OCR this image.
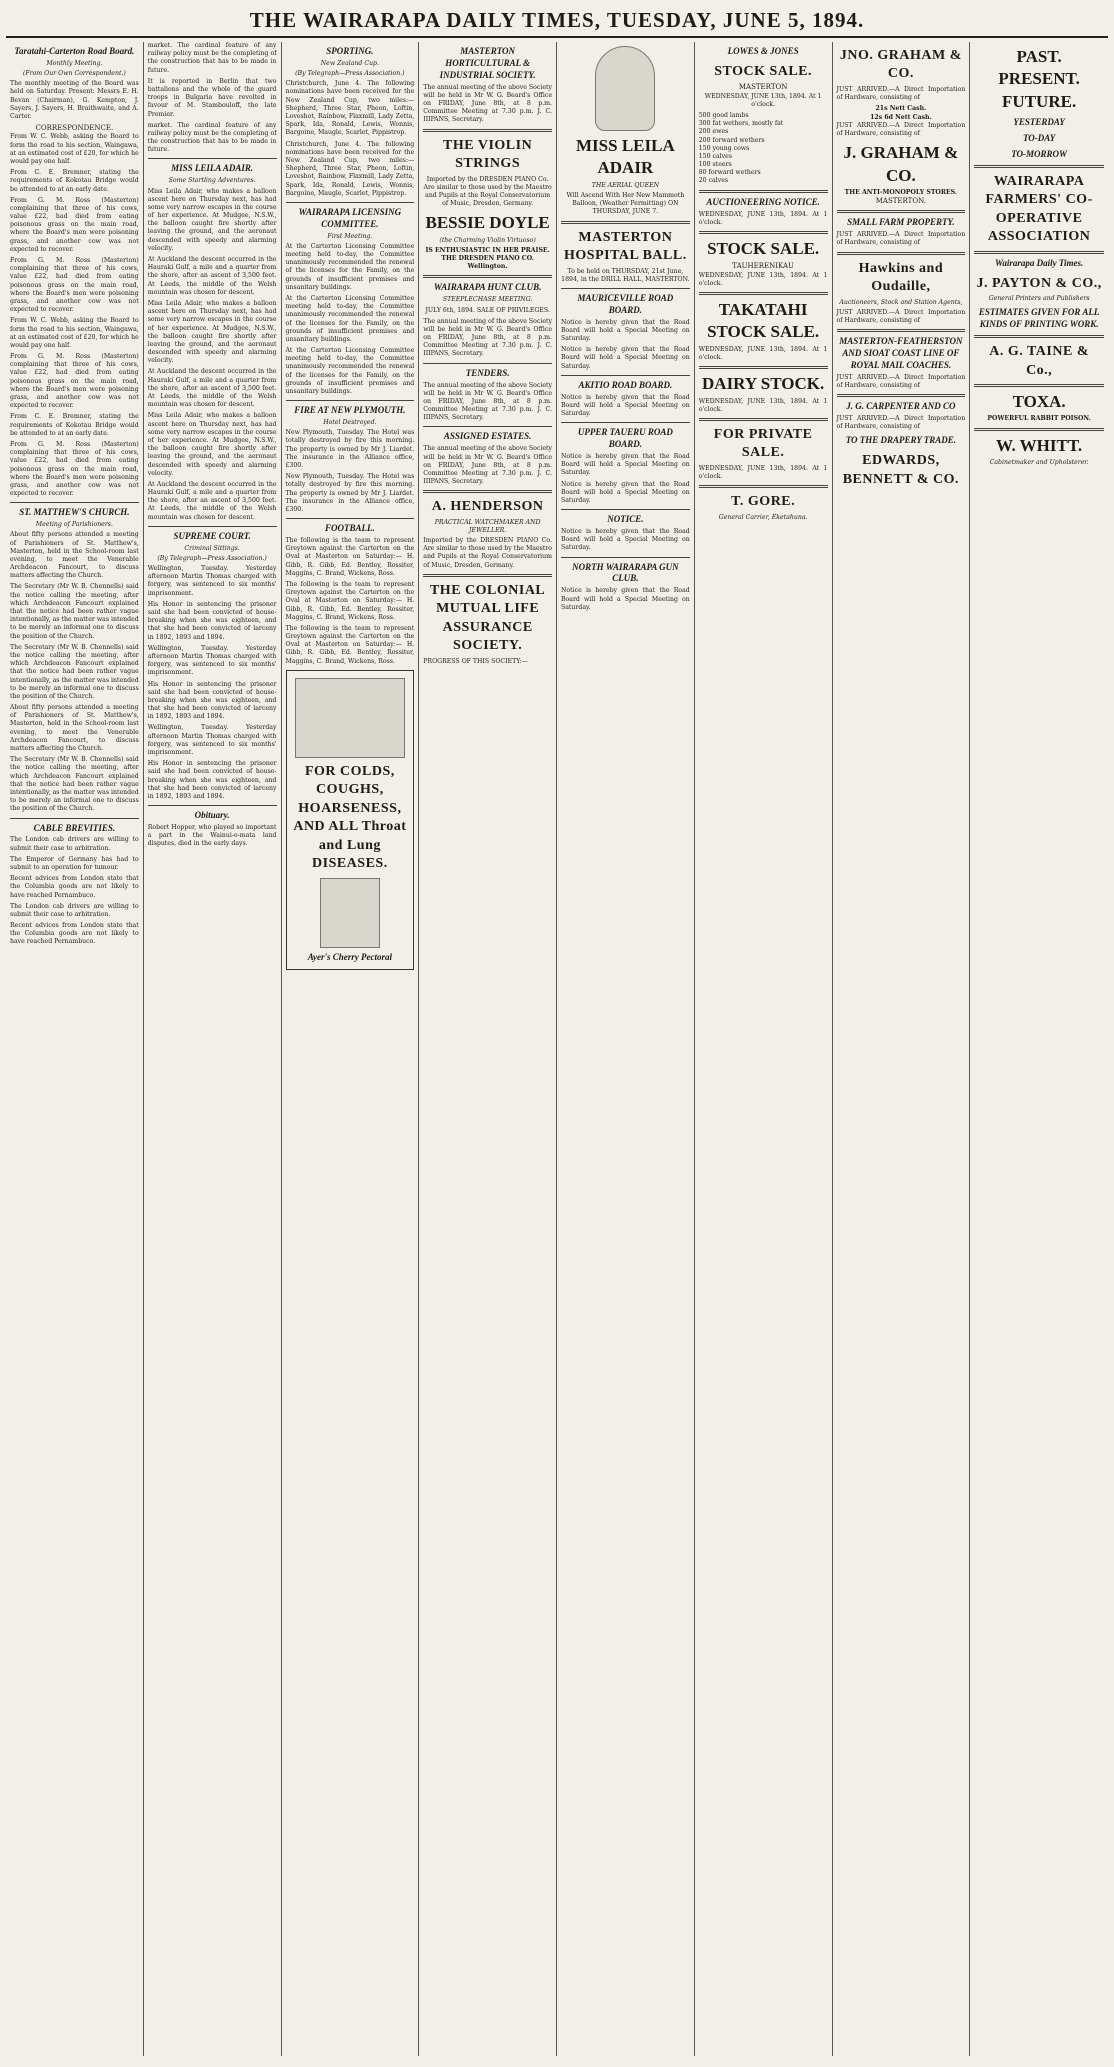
THE WAIRARAPA DAILY TIMES, TUESDAY, JUNE 5, 1894.
Taratahi-Carterton Road Board.
Monthly Meeting.
(From Our Own Correspondent.)
The monthly meeting of the Board was held on Saturday. Present: Messrs E. H. Bevan (Chairman), G. Kempton, J. Sayers, J. Sayers, H. Braithwaite, and A. Carter.
CORRESPONDENCE.
From W. C. Webb, asking the Board to form the road to his section, Waingawa, at an estimated cost of £20, for which he would pay one half.
From C. E. Bremner, stating the requirements of Kokotau Bridge would be attended to at an early date.
From G. M. Ross (Masterton) complaining that three of his cows, value £22, had died from eating poisonous grass on the main road, where the Board's men were poisoning grass, and another cow was not expected to recover.
From G. M. Ross (Masterton) complaining that three of his cows, value £22, had died from eating poisonous grass on the main road, where the Board's men were poisoning grass, and another cow was not expected to recover.
From W. C. Webb, asking the Board to form the road to his section, Waingawa, at an estimated cost of £20, for which he would pay one half.
From G. M. Ross (Masterton) complaining that three of his cows, value £22, had died from eating poisonous grass on the main road, where the Board's men were poisoning grass, and another cow was not expected to recover.
From C. E. Bremner, stating the requirements of Kokotau Bridge would be attended to at an early date.
From G. M. Ross (Masterton) complaining that three of his cows, value £22, had died from eating poisonous grass on the main road, where the Board's men were poisoning grass, and another cow was not expected to recover.
ST. MATTHEW'S CHURCH.
Meeting of Parishioners.
About fifty persons attended a meeting of Parishioners of St. Matthew's, Masterton, held in the School-room last evening, to meet the Venerable Archdeacon Fancourt, to discuss matters affecting the Church.
The Secretary (Mr W. B. Chennells) said the notice calling the meeting, after which Archdeacon Fancourt explained that the notice had been rather vague intentionally, as the matter was intended to be merely an informal one to discuss the position of the Church.
The Secretary (Mr W. B. Chennells) said the notice calling the meeting, after which Archdeacon Fancourt explained that the notice had been rather vague intentionally, as the matter was intended to be merely an informal one to discuss the position of the Church.
About fifty persons attended a meeting of Parishioners of St. Matthew's, Masterton, held in the School-room last evening, to meet the Venerable Archdeacon Fancourt, to discuss matters affecting the Church.
The Secretary (Mr W. B. Chennells) said the notice calling the meeting, after which Archdeacon Fancourt explained that the notice had been rather vague intentionally, as the matter was intended to be merely an informal one to discuss the position of the Church.
CABLE BREVITIES.
The London cab drivers are willing to submit their case to arbitration.
The Emperor of Germany has had to submit to an operation for tumour.
Recent advices from London state that the Columbia goods are not likely to have reached Pernambuco.
The London cab drivers are willing to submit their case to arbitration.
Recent advices from London state that the Columbia goods are not likely to have reached Pernambuco.
market. The cardinal feature of any railway policy must be the completing of the construction that has to be made in future.
It is reported in Berlin that two battalions and the whole of the guard troops in Bulgaria have revolted in favour of M. Stambouloff, the late Premier.
market. The cardinal feature of any railway policy must be the completing of the construction that has to be made in future.
MISS LEILA ADAIR.
Some Startling Adventures.
Miss Leila Adair, who makes a balloon ascent here on Thursday next, has had some very narrow escapes in the course of her experience. At Mudgee, N.S.W., the balloon caught fire shortly after leaving the ground, and the aeronaut descended with speedy and alarming velocity.
At Auckland the descent occurred in the Hauraki Gulf, a mile and a quarter from the shore, after an ascent of 3,500 feet. At Leeds, the middle of the Welsh mountain was chosen for descent.
Miss Leila Adair, who makes a balloon ascent here on Thursday next, has had some very narrow escapes in the course of her experience. At Mudgee, N.S.W., the balloon caught fire shortly after leaving the ground, and the aeronaut descended with speedy and alarming velocity.
At Auckland the descent occurred in the Hauraki Gulf, a mile and a quarter from the shore, after an ascent of 3,500 feet. At Leeds, the middle of the Welsh mountain was chosen for descent.
Miss Leila Adair, who makes a balloon ascent here on Thursday next, has had some very narrow escapes in the course of her experience. At Mudgee, N.S.W., the balloon caught fire shortly after leaving the ground, and the aeronaut descended with speedy and alarming velocity.
At Auckland the descent occurred in the Hauraki Gulf, a mile and a quarter from the shore, after an ascent of 3,500 feet. At Leeds, the middle of the Welsh mountain was chosen for descent.
SUPREME COURT.
Criminal Sittings.
(By Telegraph—Press Association.)
Wellington, Tuesday. Yesterday afternoon Martin Thomas charged with forgery, was sentenced to six months' imprisonment.
His Honor in sentencing the prisoner said she had been convicted of house-breaking when she was eighteen, and that she had been convicted of larceny in 1892, 1893 and 1894.
Wellington, Tuesday. Yesterday afternoon Martin Thomas charged with forgery, was sentenced to six months' imprisonment.
His Honor in sentencing the prisoner said she had been convicted of house-breaking when she was eighteen, and that she had been convicted of larceny in 1892, 1893 and 1894.
Wellington, Tuesday. Yesterday afternoon Martin Thomas charged with forgery, was sentenced to six months' imprisonment.
His Honor in sentencing the prisoner said she had been convicted of house-breaking when she was eighteen, and that she had been convicted of larceny in 1892, 1893 and 1894.
Obituary.
Robert Hopper, who played so important a part in the Wainui-o-mata land disputes, died in the early days.
SPORTING.
New Zealand Cup.
(By Telegraph—Press Association.)
Christchurch, June 4. The following nominations have been received for the New Zealand Cup, two miles:—Shepherd, Three Star, Pheon, Loftin, Loveshot, Rainbow, Flaxmill, Lady Zetta, Spark, Ida, Ronald, Lewis, Wonnis, Bargoine, Maugle, Scarlet, Pippistrop.
Christchurch, June 4. The following nominations have been received for the New Zealand Cup, two miles:—Shepherd, Three Star, Pheon, Loftin, Loveshot, Rainbow, Flaxmill, Lady Zetta, Spark, Ida, Ronald, Lewis, Wonnis, Bargoine, Maugle, Scarlet, Pippistrop.
WAIRARAPA LICENSING COMMITTEE.
First Meeting.
At the Carterton Licensing Committee meeting held to-day, the Committee unanimously recommended the renewal of the licenses for the Family, on the grounds of insufficient premises and unsanitary buildings.
At the Carterton Licensing Committee meeting held to-day, the Committee unanimously recommended the renewal of the licenses for the Family, on the grounds of insufficient premises and unsanitary buildings.
At the Carterton Licensing Committee meeting held to-day, the Committee unanimously recommended the renewal of the licenses for the Family, on the grounds of insufficient premises and unsanitary buildings.
FIRE AT NEW PLYMOUTH.
Hotel Destroyed.
New Plymouth, Tuesday. The Hotel was totally destroyed by fire this morning. The property is owned by Mr J. Liardet. The insurance in the Alliance office, £300.
New Plymouth, Tuesday. The Hotel was totally destroyed by fire this morning. The property is owned by Mr J. Liardet. The insurance in the Alliance office, £300.
FOOTBALL.
The following is the team to represent Greytown against the Carterton on the Oval at Masterton on Saturday:— H. Gibb, R. Gibb, Ed. Bentley, Rossiter, Maggins, C. Brand, Wickens, Ross.
The following is the team to represent Greytown against the Carterton on the Oval at Masterton on Saturday:— H. Gibb, R. Gibb, Ed. Bentley, Rossiter, Maggins, C. Brand, Wickens, Ross.
The following is the team to represent Greytown against the Carterton on the Oval at Masterton on Saturday:— H. Gibb, R. Gibb, Ed. Bentley, Rossiter, Maggins, C. Brand, Wickens, Ross.
FOR COLDS, COUGHS, HOARSENESS, AND ALL Throat and Lung DISEASES.
Ayer's Cherry Pectoral
MASTERTON HORTICULTURAL & INDUSTRIAL SOCIETY.
The annual meeting of the above Society will be held in Mr W. G. Beard's Office on FRIDAY, June 8th, at 8 p.m. Committee Meeting at 7.30 p.m. J. C. IIIPANS, Secretary.
THE VIOLIN STRINGS
Imported by the DRESDEN PIANO Co. Are similar to those used by the Maestro and Pupils at the Royal Conservatorium of Music, Dresden, Germany.
BESSIE DOYLE
(the Charming Violin Virtuoso)
IS ENTHUSIASTIC IN HER PRAISE.
THE DRESDEN PIANO CO. Wellington.
WAIRARAPA HUNT CLUB.
STEEPLECHASE MEETING.
JULY 6th, 1894. SALE OF PRIVILEGES.
The annual meeting of the above Society will be held in Mr W. G. Beard's Office on FRIDAY, June 8th, at 8 p.m. Committee Meeting at 7.30 p.m. J. C. IIIPANS, Secretary.
TENDERS.
The annual meeting of the above Society will be held in Mr W. G. Beard's Office on FRIDAY, June 8th, at 8 p.m. Committee Meeting at 7.30 p.m. J. C. IIIPANS, Secretary.
ASSIGNED ESTATES.
The annual meeting of the above Society will be held in Mr W. G. Beard's Office on FRIDAY, June 8th, at 8 p.m. Committee Meeting at 7.30 p.m. J. C. IIIPANS, Secretary.
A. HENDERSON
PRACTICAL WATCHMAKER AND JEWELLER.
Imported by the DRESDEN PIANO Co. Are similar to those used by the Maestro and Pupils at the Royal Conservatorium of Music, Dresden, Germany.
THE COLONIAL MUTUAL LIFE ASSURANCE SOCIETY.
PROGRESS OF THIS SOCIETY:—
MISS LEILA ADAIR
THE AERIAL QUEEN
Will Ascend With Her New Mammoth Balloon, (Weather Permitting) ON THURSDAY, JUNE 7.
MASTERTON HOSPITAL BALL.
To be held on THURSDAY, 21st June, 1894, in the DRILL HALL, MASTERTON.
MAURICEVILLE ROAD BOARD.
Notice is hereby given that the Road Board will hold a Special Meeting on Saturday.
Notice is hereby given that the Road Board will hold a Special Meeting on Saturday.
AKITIO ROAD BOARD.
Notice is hereby given that the Road Board will hold a Special Meeting on Saturday.
UPPER TAUERU ROAD BOARD.
Notice is hereby given that the Road Board will hold a Special Meeting on Saturday.
Notice is hereby given that the Road Board will hold a Special Meeting on Saturday.
NOTICE.
Notice is hereby given that the Road Board will hold a Special Meeting on Saturday.
NORTH WAIRARAPA GUN CLUB.
Notice is hereby given that the Road Board will hold a Special Meeting on Saturday.
LOWES & JONES
STOCK SALE.
MASTERTON
WEDNESDAY, JUNE 13th, 1894. At 1 o'clock.
500 good lambs
300 fat wethers, mostly fat
200 ewes
200 forward wethers
150 young cows
150 calves
100 steers
80 forward wethers
20 calves
AUCTIONEERING NOTICE.
WEDNESDAY, JUNE 13th, 1894. At 1 o'clock.
STOCK SALE.
TAUHERENIKAU
WEDNESDAY, JUNE 13th, 1894. At 1 o'clock.
TAKATAHI STOCK SALE.
WEDNESDAY, JUNE 13th, 1894. At 1 o'clock.
DAIRY STOCK.
WEDNESDAY, JUNE 13th, 1894. At 1 o'clock.
FOR PRIVATE SALE.
WEDNESDAY, JUNE 13th, 1894. At 1 o'clock.
T. GORE.
General Carrier, Eketahuna.
JNO. GRAHAM & CO.
JUST ARRIVED.—A Direct Importation of Hardware, consisting of
21s Nett Cash.
12s 6d Nett Cash.
JUST ARRIVED.—A Direct Importation of Hardware, consisting of
J. GRAHAM & CO.
THE ANTI-MONOPOLY STORES.
MASTERTON.
SMALL FARM PROPERTY.
JUST ARRIVED.—A Direct Importation of Hardware, consisting of
Hawkins and Oudaille,
Auctioneers, Stock and Station Agents,
JUST ARRIVED.—A Direct Importation of Hardware, consisting of
MASTERTON-FEATHERSTON AND SIOAT COAST LINE OF ROYAL MAIL COACHES.
JUST ARRIVED.—A Direct Importation of Hardware, consisting of
J. G. CARPENTER AND CO
JUST ARRIVED.—A Direct Importation of Hardware, consisting of
TO THE DRAPERY TRADE.
EDWARDS, BENNETT & CO.
PAST. PRESENT. FUTURE.
YESTERDAY
TO-DAY
TO-MORROW
WAIRARAPA FARMERS' CO-OPERATIVE ASSOCIATION
Wairarapa Daily Times.
J. PAYTON & CO.,
General Printers and Publishers
ESTIMATES GIVEN FOR ALL KINDS OF PRINTING WORK.
A. G. TAINE & Co.,
TOXA.
POWERFUL RABBIT POISON.
W. WHITT.
Cabinetmaker and Upholsterer.
